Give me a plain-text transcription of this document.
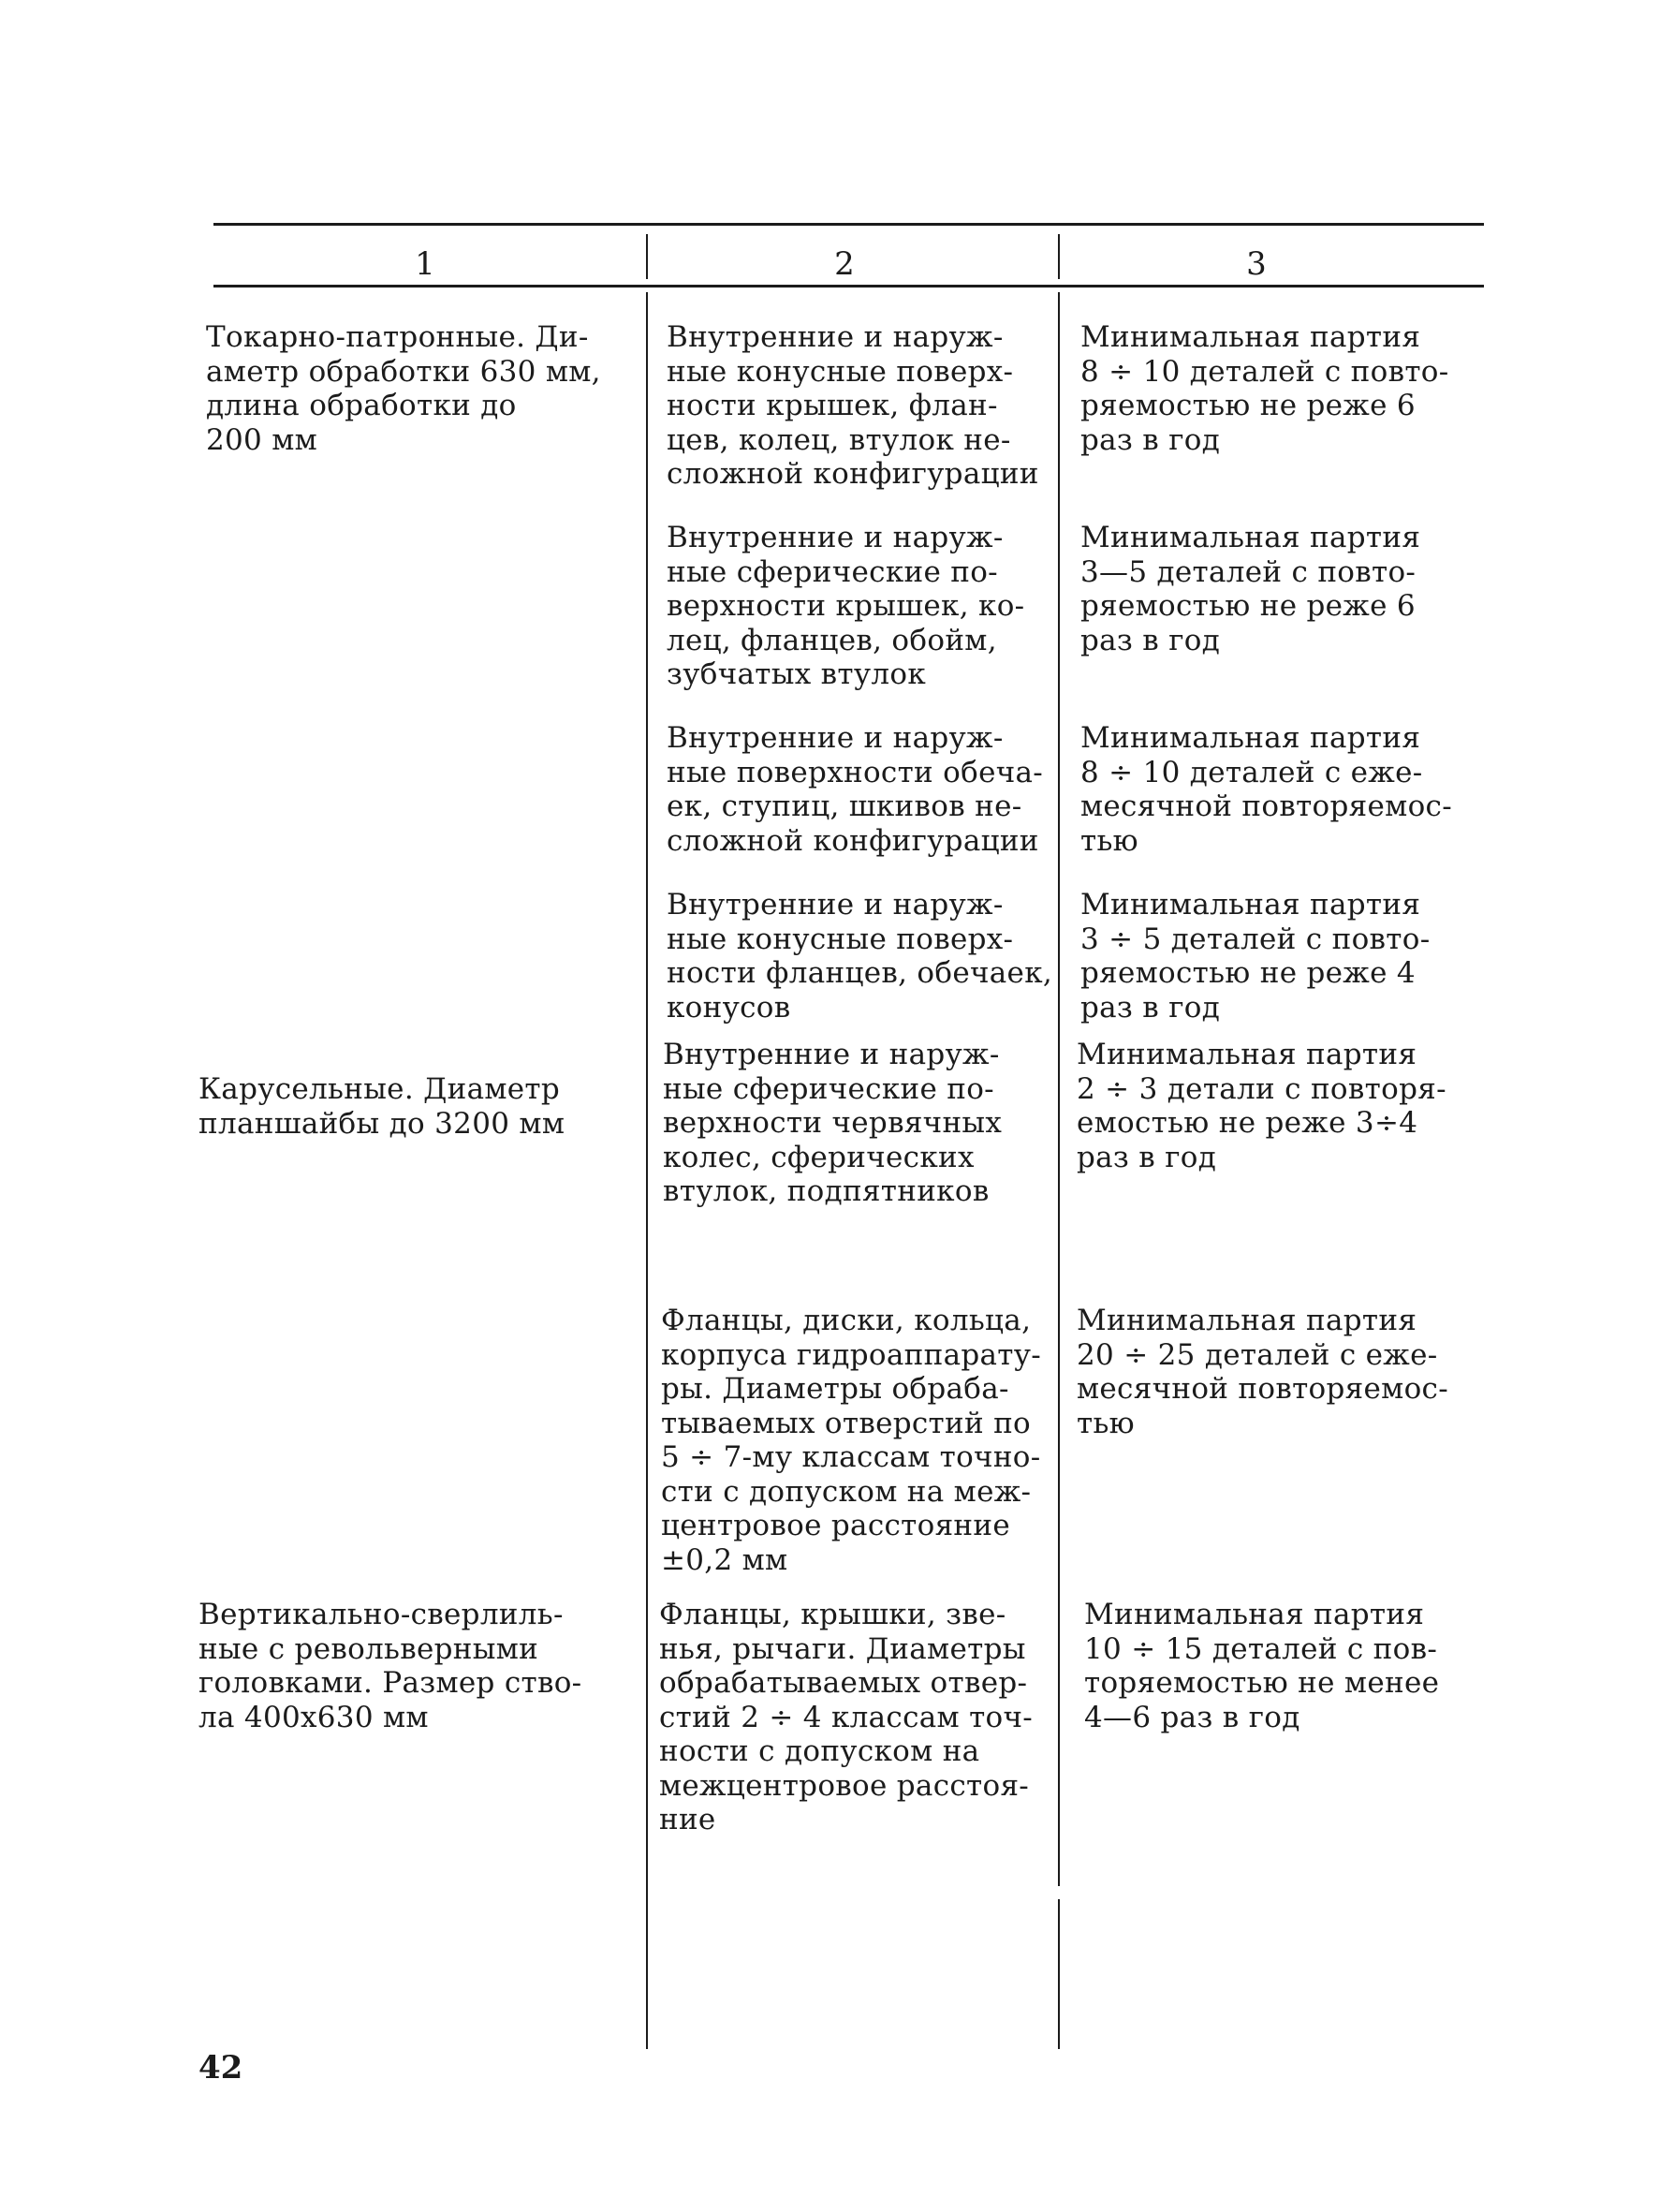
1	2	3
Токарно-патронные. Ди-
аметр обработки 630 мм,
длина обработки до
200 мм
Внутренние и наруж-
ные конусные поверх-
ности крышек, флан-
цев, колец, втулок не-
сложной конфигурации
Минимальная партия
8 ÷ 10 деталей с повто-
ряемостью не реже 6
раз в год
Внутренние и наруж-
ные сферические по-
верхности крышек, ко-
лец, фланцев, обойм,
зубчатых втулок
Минимальная партия
3—5 деталей с повто-
ряемостью не реже 6
раз в год
Внутренние и наруж-
ные поверхности обеча-
ек, ступиц, шкивов не-
сложной конфигурации
Минимальная партия
8 ÷ 10 деталей с еже-
месячной повторяемос-
тью
Внутренние и наруж-
ные конусные поверх-
ности фланцев, обечаек,
конусов
Минимальная партия
3 ÷ 5 деталей с повто-
ряемостью не реже 4
раз в год
Карусельные. Диаметр
планшайбы до 3200 мм
Внутренние и наруж-
ные сферические по-
верхности червячных
колес, сферических
втулок, подпятников
Минимальная партия
2 ÷ 3 детали с повторя-
емостью не реже 3÷4
раз в год
Фланцы, диски, кольца,
корпуса гидроаппарату-
ры. Диаметры обраба-
тываемых отверстий по
5 ÷ 7-му классам точно-
сти с допуском на меж-
центровое расстояние
±0,2 мм
Минимальная партия
20 ÷ 25 деталей с еже-
месячной повторяемос-
тью
Вертикально-сверлиль-
ные с револьверными
головками. Размер ство-
ла 400х630 мм
Фланцы, крышки, зве-
нья, рычаги. Диаметры
обрабатываемых отвер-
стий 2 ÷ 4 классам точ-
ности с допуском на
межцентровое расстоя-
ние
Минимальная партия
10 ÷ 15 деталей с пов-
торяемостью не менее
4—6 раз в год
42
